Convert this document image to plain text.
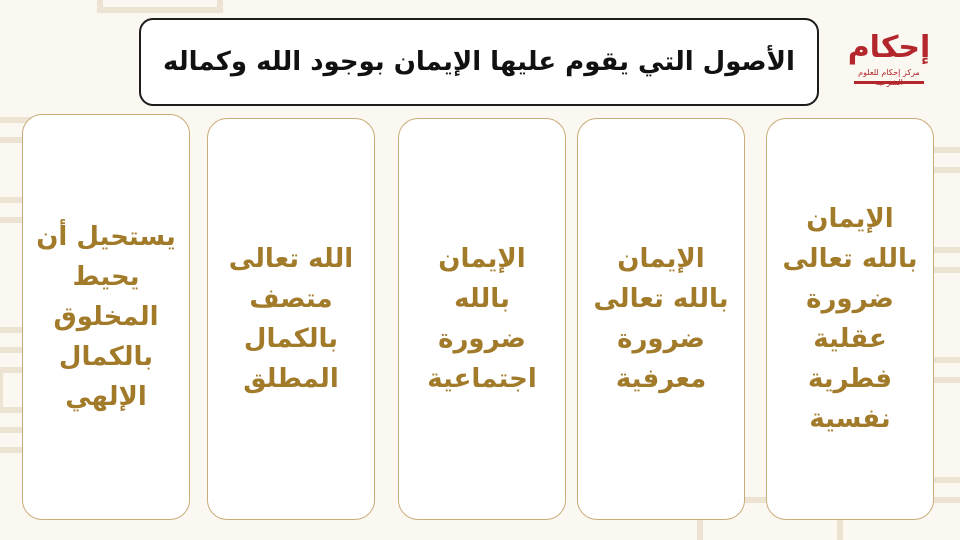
الأصول التي يقوم عليها الإيمان بوجود الله وكماله إحكام
مركز إحكام للعلوم
الإيمان
بالله تعالى
ضرورة
عقلية
فطرية
نفسية
الإيمان
بالله تعالى
ضرورة
معرفية
الإيمان
بالله
ضرورة
اجتماعية
الله تعالى
متصف
بالكمال
المطلق
يستحيل أن
يحيط
المخلوق
بالكمال
الإلهي
